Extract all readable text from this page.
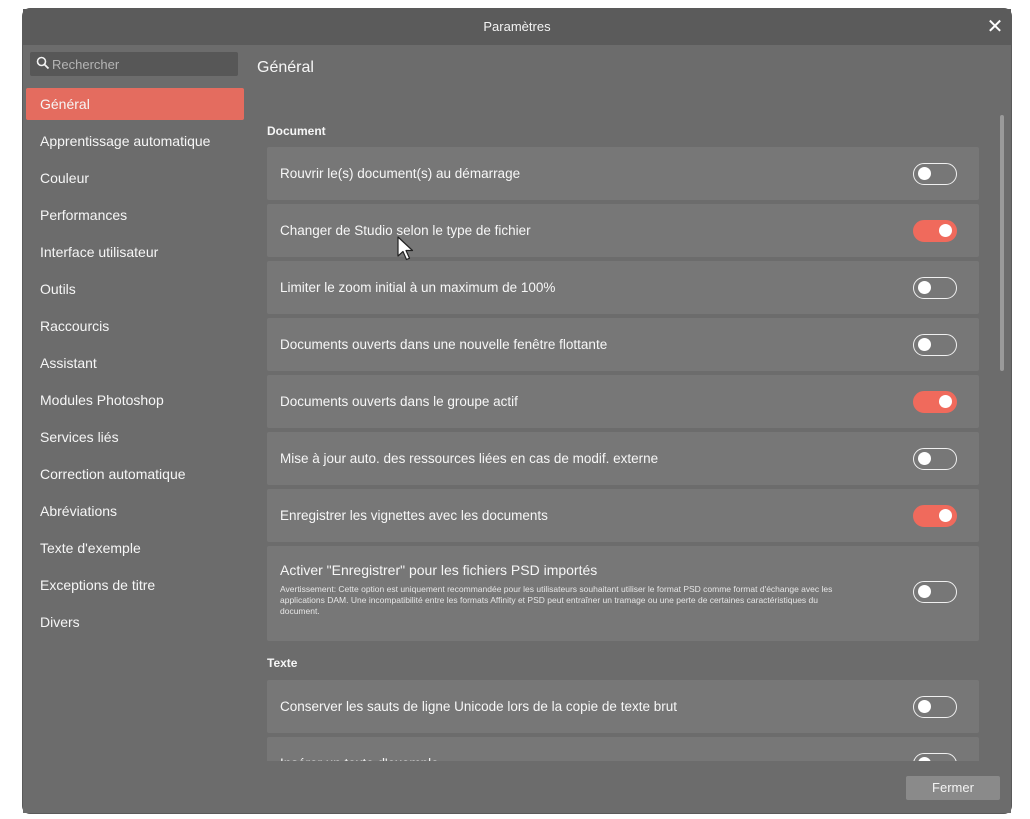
Paramètres	✕
Rechercher
Général
Apprentissage automatique
Couleur
Performances
Interface utilisateur
Outils
Raccourcis
Assistant
Modules Photoshop
Services liés
Correction automatique
Abréviations
Texte d'exemple
Exceptions de titre
Divers
Général
Document
Rouvrir le(s) document(s) au démarrage
Changer de Studio selon le type de fichier
Limiter le zoom initial à un maximum de 100%
Documents ouverts dans une nouvelle fenêtre flottante
Documents ouverts dans le groupe actif
Mise à jour auto. des ressources liées en cas de modif. externe
Enregistrer les vignettes avec les documents
Activer "Enregistrer" pour les fichiers PSD importés
Avertissement: Cette option est uniquement recommandée pour les utilisateurs souhaitant utiliser le format PSD comme format d'échange avec les applications DAM. Une incompatibilité entre les formats Affinity et PSD peut entraîner un tramage ou une perte de certaines caractéristiques du document.
Texte
Conserver les sauts de ligne Unicode lors de la copie de texte brut
Fermer
